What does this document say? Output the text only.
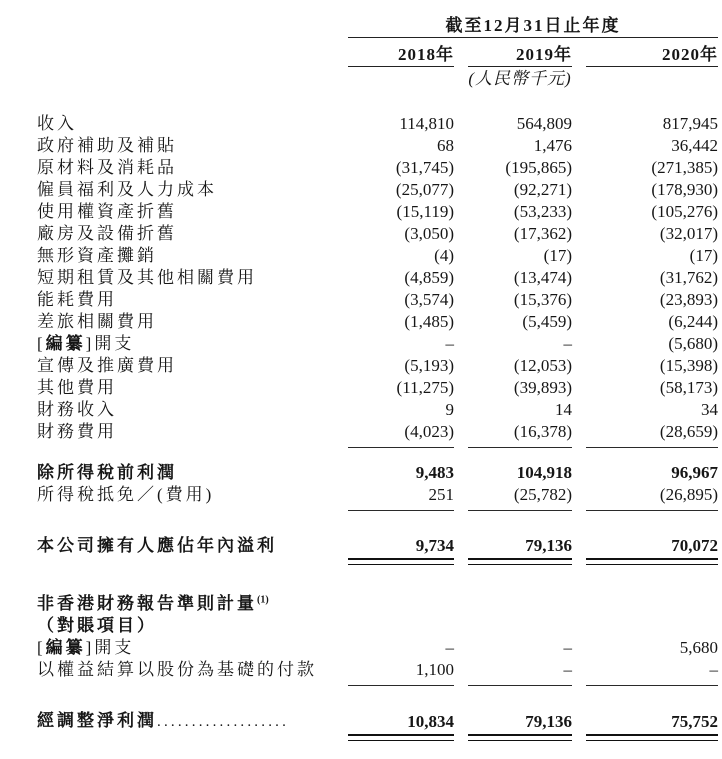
	截至12月31日止年度				
	2018年		2019年		2020年
		(人民幣千元)			

收入	114,810		564,809		817,945
政府補助及補貼	68		1,476		36,442
原材料及消耗品	(31,745)		(195,865)		(271,385)
僱員福利及人力成本	(25,077)		(92,271)		(178,930)
使用權資產折舊	(15,119)		(53,233)		(105,276)
廠房及設備折舊	(3,050)		(17,362)		(32,017)
無形資產攤銷	(4)		(17)		(17)
短期租賃及其他相關費用	(4,859)		(13,474)		(31,762)
能耗費用	(3,574)		(15,376)		(23,893)
差旅相關費用	(1,485)		(5,459)		(6,244)
[編纂]開支	–		–		(5,680)
宣傳及推廣費用	(5,193)		(12,053)		(15,398)
其他費用	(11,275)		(39,893)		(58,173)
財務收入	9		14		34
財務費用	(4,023)		(16,378)		(28,659)

除所得稅前利潤	9,483		104,918		96,967
所得稅抵免／(費用)	251		(25,782)		(26,895)

本公司擁有人應佔年內溢利	9,734		79,136		70,072

非香港財務報告準則計量$^{(1)}$					
（對賬項目）					
[編纂]開支	–		–		5,680
以權益結算以股份為基礎的付款	1,100		–		–

經調整淨利潤...................	10,834		79,136		75,752
